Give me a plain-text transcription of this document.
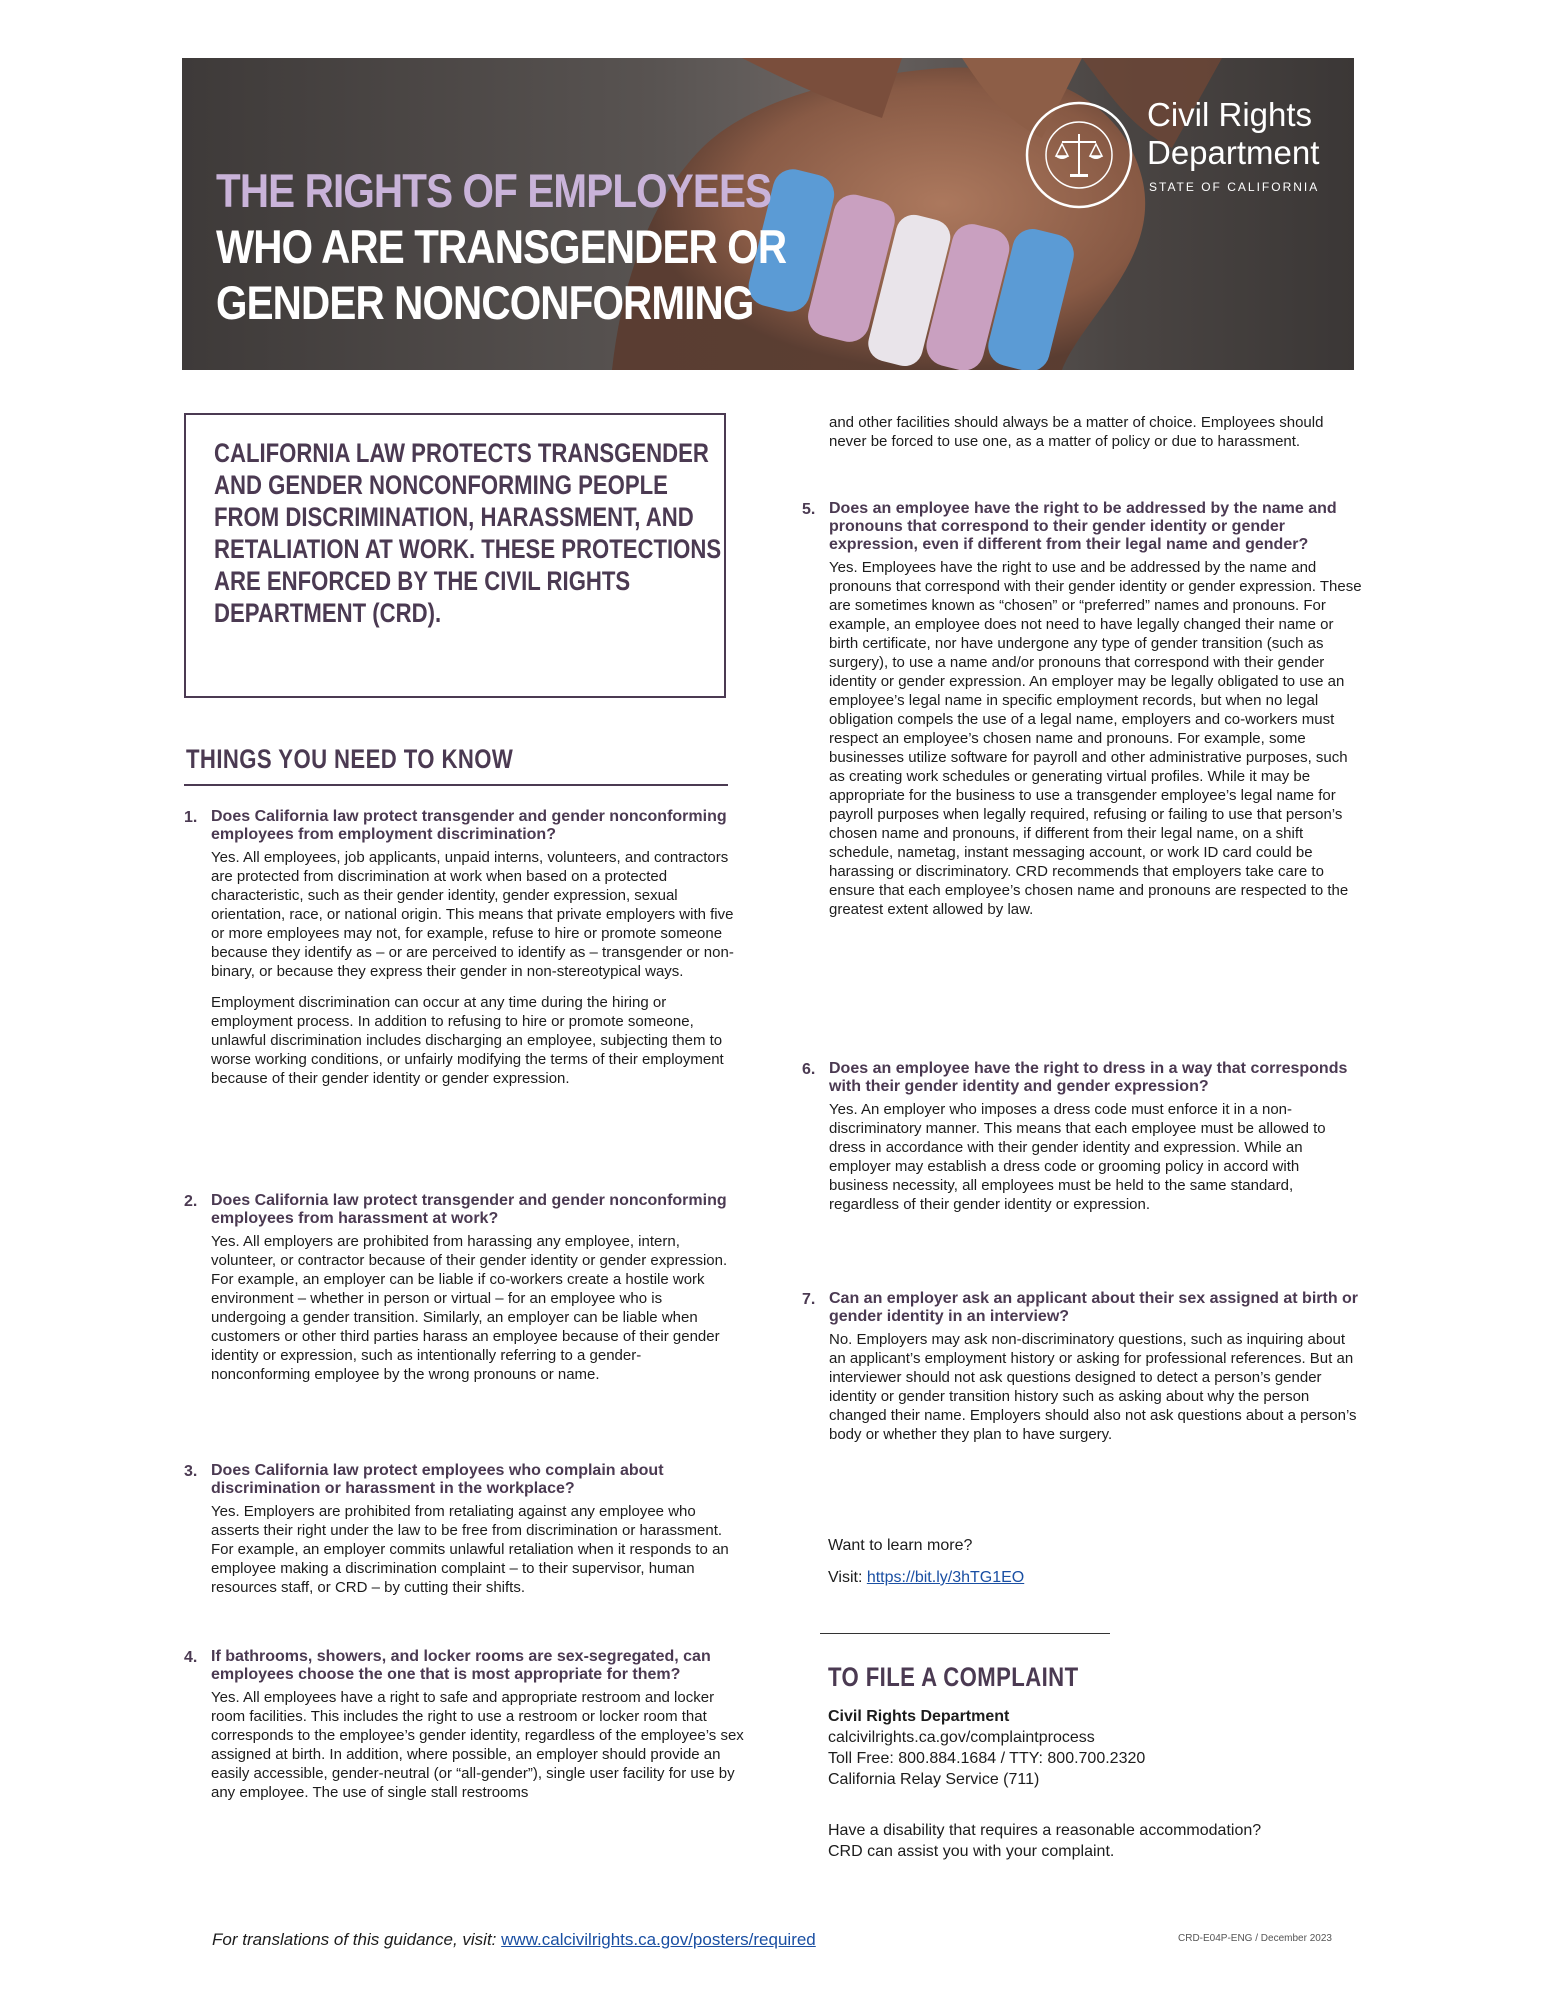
THE RIGHTS OF EMPLOYEES
WHO ARE TRANSGENDER OR
GENDER NONCONFORMING
Civil Rights
Department
STATE OF CALIFORNIA

CALIFORNIA LAW PROTECTS TRANSGENDER AND GENDER NONCONFORMING PEOPLE FROM DISCRIMINATION, HARASSMENT, AND RETALIATION AT WORK. THESE PROTECTIONS ARE ENFORCED BY THE CIVIL RIGHTS DEPARTMENT (CRD).

THINGS YOU NEED TO KNOW
1. Does California law protect transgender and gender nonconforming employees from employment discrimination?

Yes. All employees, job applicants, unpaid interns, volunteers, and contractors are protected from discrimination at work when based on a protected characteristic, such as their gender identity, gender expression, sexual orientation, race, or national origin. This means that private employers with five or more employees may not, for example, refuse to hire or promote someone because they identify as – or are perceived to identify as – transgender or non-binary, or because they express their gender in non-stereotypical ways.

Employment discrimination can occur at any time during the hiring or employment process. In addition to refusing to hire or promote someone, unlawful discrimination includes discharging an employee, subjecting them to worse working conditions, or unfairly modifying the terms of their employment because of their gender identity or gender expression.

2. Does California law protect transgender and gender nonconforming employees from harassment at work?

Yes. All employers are prohibited from harassing any employee, intern, volunteer, or contractor because of their gender identity or gender expression. For example, an employer can be liable if co-workers create a hostile work environment – whether in person or virtual – for an employee who is undergoing a gender transition. Similarly, an employer can be liable when customers or other third parties harass an employee because of their gender identity or expression, such as intentionally referring to a gender-nonconforming employee by the wrong pronouns or name.

3. Does California law protect employees who complain about discrimination or harassment in the workplace?

Yes. Employers are prohibited from retaliating against any employee who asserts their right under the law to be free from discrimination or harassment. For example, an employer commits unlawful retaliation when it responds to an employee making a discrimination complaint – to their supervisor, human resources staff, or CRD – by cutting their shifts.

4. If bathrooms, showers, and locker rooms are sex-segregated, can employees choose the one that is most appropriate for them?

Yes. All employees have a right to safe and appropriate restroom and locker room facilities. This includes the right to use a restroom or locker room that corresponds to the employee’s gender identity, regardless of the employee’s sex assigned at birth. In addition, where possible, an employer should provide an easily accessible, gender-neutral (or “all-gender”), single user facility for use by any employee. The use of single stall restrooms

and other facilities should always be a matter of choice. Employees should never be forced to use one, as a matter of policy or due to harassment.

5. Does an employee have the right to be addressed by the name and pronouns that correspond to their gender identity or gender expression, even if different from their legal name and gender?

Yes. Employees have the right to use and be addressed by the name and pronouns that correspond with their gender identity or gender expression. These are sometimes known as “chosen” or “preferred” names and pronouns. For example, an employee does not need to have legally changed their name or birth certificate, nor have undergone any type of gender transition (such as surgery), to use a name and/or pronouns that correspond with their gender identity or gender expression. An employer may be legally obligated to use an employee’s legal name in specific employment records, but when no legal obligation compels the use of a legal name, employers and co-workers must respect an employee’s chosen name and pronouns. For example, some businesses utilize software for payroll and other administrative purposes, such as creating work schedules or generating virtual profiles. While it may be appropriate for the business to use a transgender employee’s legal name for payroll purposes when legally required, refusing or failing to use that person’s chosen name and pronouns, if different from their legal name, on a shift schedule, nametag, instant messaging account, or work ID card could be harassing or discriminatory. CRD recommends that employers take care to ensure that each employee’s chosen name and pronouns are respected to the greatest extent allowed by law.

6. Does an employee have the right to dress in a way that corresponds with their gender identity and gender expression?

Yes. An employer who imposes a dress code must enforce it in a non-discriminatory manner. This means that each employee must be allowed to dress in accordance with their gender identity and expression. While an employer may establish a dress code or grooming policy in accord with business necessity, all employees must be held to the same standard, regardless of their gender identity or expression.

7. Can an employer ask an applicant about their sex assigned at birth or gender identity in an interview?

No. Employers may ask non-discriminatory questions, such as inquiring about an applicant’s employment history or asking for professional references. But an interviewer should not ask questions designed to detect a person’s gender identity or gender transition history such as asking about why the person changed their name. Employers should also not ask questions about a person’s body or whether they plan to have surgery.

Want to learn more?

Visit: https://bit.ly/3hTG1EO

TO FILE A COMPLAINT

Civil Rights Department

calcivilrights.ca.gov/complaintprocess

Toll Free: 800.884.1684 / TTY: 800.700.2320

California Relay Service (711)

Have a disability that requires a reasonable accommodation?

CRD can assist you with your complaint.

For translations of this guidance, visit: www.calcivilrights.ca.gov/posters/required	CRD-E04P-ENG / December 2023
